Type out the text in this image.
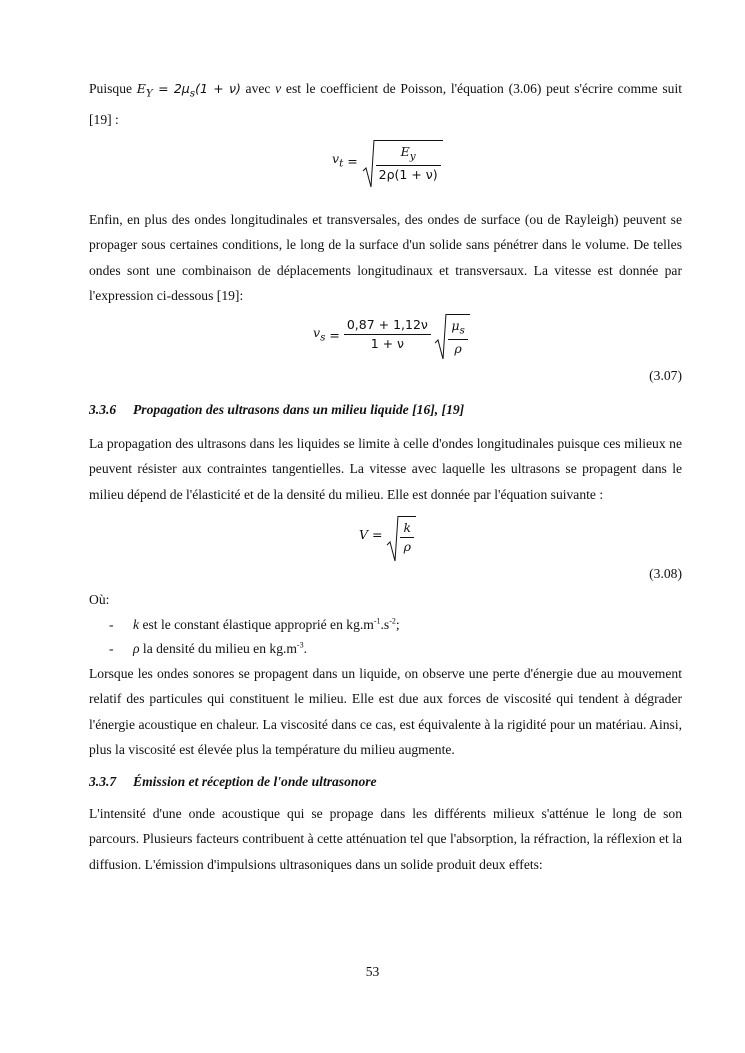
Puisque $E_Y = 2\mu_s(1 + \nu)$ avec ν est le coefficient de Poisson, l'équation (3.06) peut s'écrire comme suit [19] :

$v_t = \frac{E_y}{2\rho(1 + \nu)}$

Enfin, en plus des ondes longitudinales et transversales, des ondes de surface (ou de Rayleigh) peuvent se propager sous certaines conditions, le long de la surface d'un solide sans pénétrer dans le volume. De telles ondes sont une combinaison de déplacements longitudinaux et transversaux. La vitesse est donnée par l'expression ci-dessous [19]:

$v_s = \frac{0,87 + 1,12\nu}{1 + \nu}$
$\frac{\mu_s}{\rho}$
(3.07)

3.3.6 Propagation des ultrasons dans un milieu liquide [16], [19]

La propagation des ultrasons dans les liquides se limite à celle d'ondes longitudinales puisque ces milieux ne peuvent résister aux contraintes tangentielles. La vitesse avec laquelle les ultrasons se propagent dans le milieu dépend de l'élasticité et de la densité du milieu. Elle est donnée par l'équation suivante :

$V = \frac{k}{\rho}$
(3.08)

Où:

-	k est le constant élastique approprié en $kg.m^{-1}.s^{-2}$;
-	ρ la densité du milieu en $kg.m^{-3}$.

Lorsque les ondes sonores se propagent dans un liquide, on observe une perte d'énergie due au mouvement relatif des particules qui constituent le milieu. Elle est due aux forces de viscosité qui tendent à dégrader l'énergie acoustique en chaleur. La viscosité dans ce cas, est équivalente à la rigidité pour un matériau. Ainsi, plus la viscosité est élevée plus la température du milieu augmente.

3.3.7 Émission et réception de l'onde ultrasonore

L'intensité d'une onde acoustique qui se propage dans les différents milieux s'atténue le long de son parcours. Plusieurs facteurs contribuent à cette atténuation tel que l'absorption, la réfraction, la réflexion et la diffusion. L'émission d'impulsions ultrasoniques dans un solide produit deux effets:

53
